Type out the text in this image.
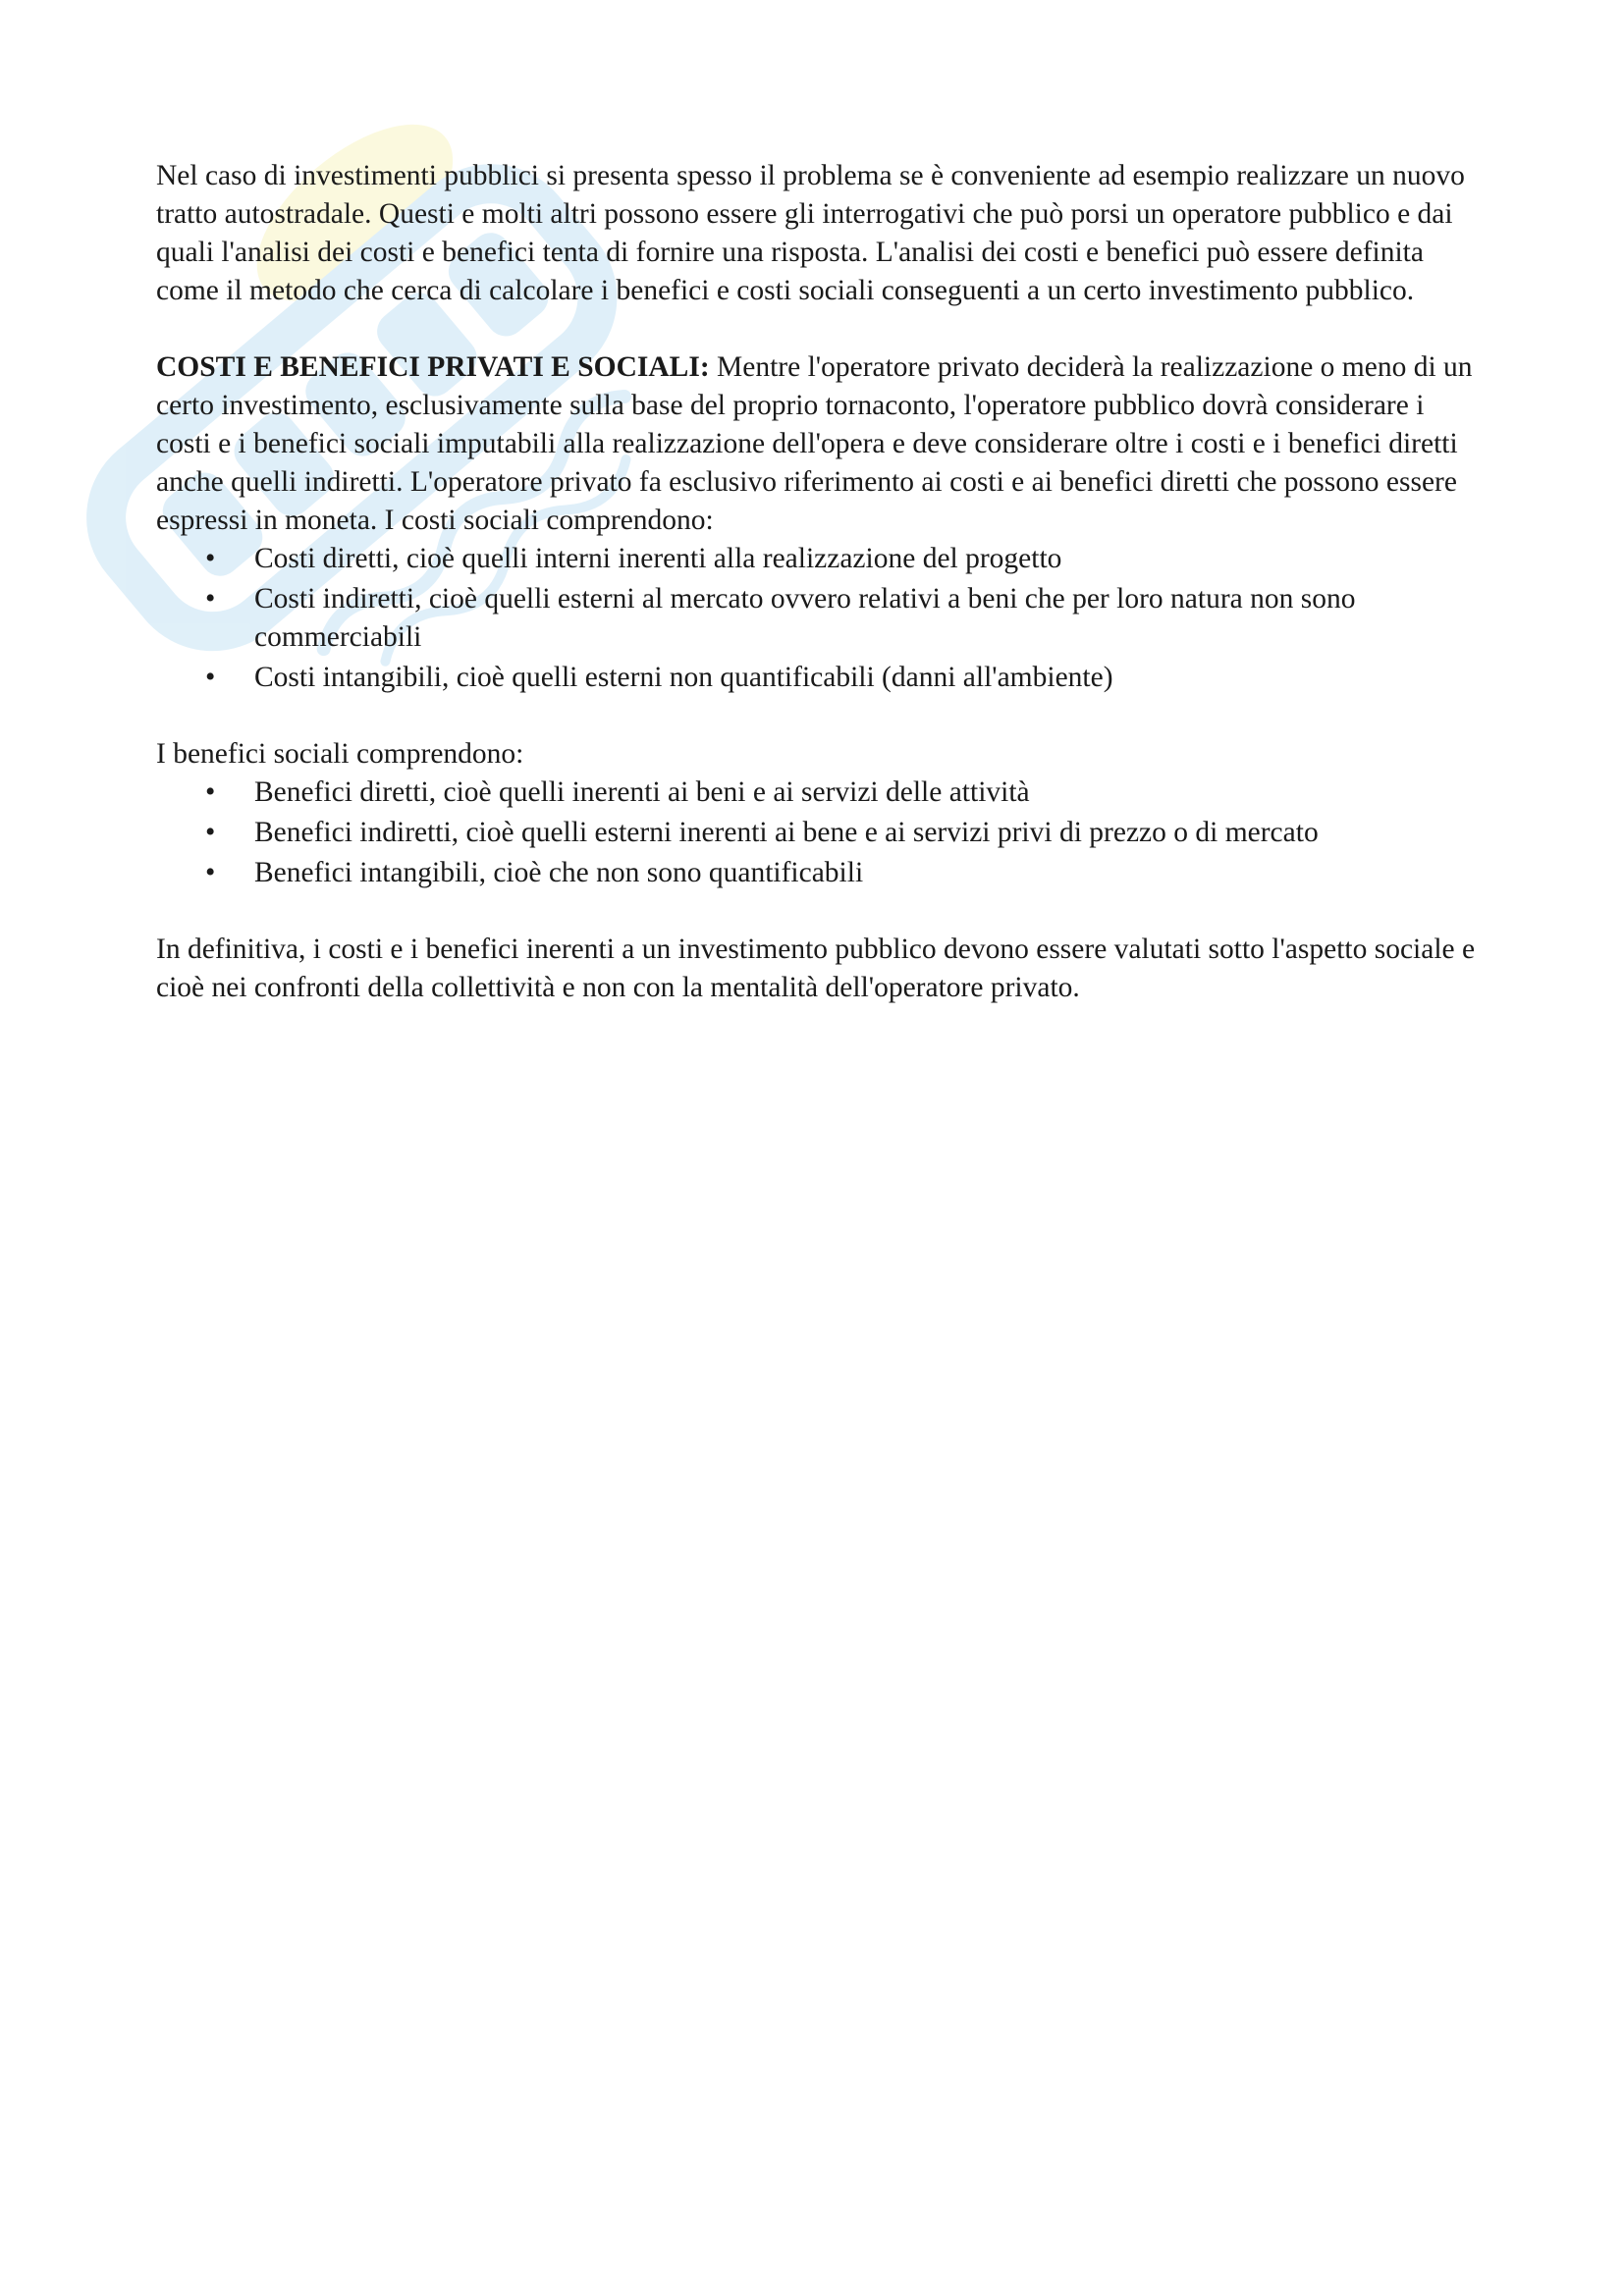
Nel caso di investimenti pubblici si presenta spesso il problema se è conveniente ad esempio realizzare un nuovo tratto autostradale. Questi e molti altri possono essere gli interrogativi che può porsi un operatore pubblico e dai quali l'analisi dei costi e benefici tenta di fornire una risposta. L'analisi dei costi e benefici può essere definita come il metodo che cerca di calcolare i benefici e costi sociali conseguenti a un certo investimento pubblico.

COSTI E BENEFICI PRIVATI E SOCIALI: Mentre l'operatore privato deciderà la realizzazione o meno di un certo investimento, esclusivamente sulla base del proprio tornaconto, l'operatore pubblico dovrà considerare i costi e i benefici sociali imputabili alla realizzazione dell'opera e deve considerare oltre i costi e i benefici diretti anche quelli indiretti. L'operatore privato fa esclusivo riferimento ai costi e ai benefici diretti che possono essere espressi in moneta. I costi sociali comprendono:

• Costi diretti, cioè quelli interni inerenti alla realizzazione del progetto
• Costi indiretti, cioè quelli esterni al mercato ovvero relativi a beni che per loro natura non sono commerciabili
• Costi intangibili, cioè quelli esterni non quantificabili (danni all'ambiente)

I benefici sociali comprendono:

• Benefici diretti, cioè quelli inerenti ai beni e ai servizi delle attività
• Benefici indiretti, cioè quelli esterni inerenti ai bene e ai servizi privi di prezzo o di mercato
• Benefici intangibili, cioè che non sono quantificabili

In definitiva, i costi e i benefici inerenti a un investimento pubblico devono essere valutati sotto l'aspetto sociale e cioè nei confronti della collettività e non con la mentalità dell'operatore privato.
